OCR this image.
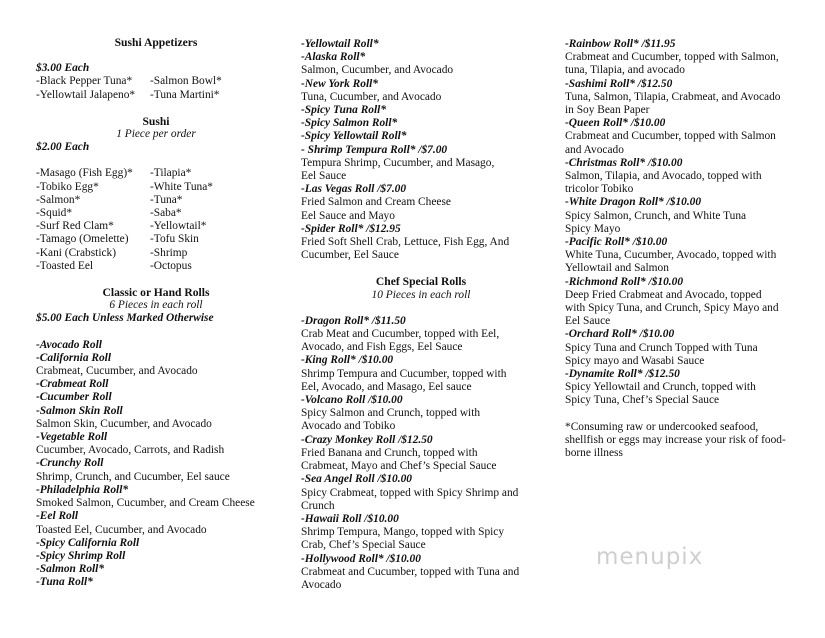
Sushi Appetizers
$3.00 Each
-Black Pepper Tuna*	-Salmon Bowl*
-Yellowtail Jalapeno*	-Tuna Martini*
Sushi
1 Piece per order
$2.00 Each
-Masago (Fish Egg)*	-Tilapia*
-Tobiko Egg*	-White Tuna*
-Salmon*	-Tuna*
-Squid*	-Saba*
-Surf Red Clam*	-Yellowtail*
-Tamago (Omelette)	-Tofu Skin
-Kani (Crabstick)	-Shrimp
-Toasted Eel	-Octopus
Classic or Hand Rolls
6 Pieces in each roll
$5.00 Each Unless Marked Otherwise
-Avocado Roll
-California Roll
Crabmeat, Cucumber, and Avocado
-Crabmeat Roll
-Cucumber Roll
-Salmon Skin Roll
Salmon Skin, Cucumber, and Avocado
-Vegetable Roll
Cucumber, Avocado, Carrots, and Radish
-Crunchy Roll
Shrimp, Crunch, and Cucumber, Eel sauce
-Philadelphia Roll*
Smoked Salmon, Cucumber, and Cream Cheese
-Eel Roll
Toasted Eel, Cucumber, and Avocado
-Spicy California Roll
-Spicy Shrimp Roll
-Salmon Roll*
-Tuna Roll*
-Yellowtail Roll*
-Alaska Roll*
Salmon, Cucumber, and Avocado
-New York Roll*
Tuna, Cucumber, and Avocado
-Spicy Tuna Roll*
-Spicy Salmon Roll*
-Spicy Yellowtail Roll*
- Shrimp Tempura Roll* /$7.00
Tempura Shrimp, Cucumber, and Masago,
Eel Sauce
-Las Vegas Roll /$7.00
Fried Salmon and Cream Cheese
Eel Sauce and Mayo
-Spider Roll* /$12.95
Fried Soft Shell Crab, Lettuce, Fish Egg, And
Cucumber, Eel Sauce
Chef Special Rolls
10 Pieces in each roll
-Dragon Roll* /$11.50
Crab Meat and Cucumber, topped with Eel,
Avocado, and Fish Eggs, Eel Sauce
-King Roll* /$10.00
Shrimp Tempura and Cucumber, topped with
Eel, Avocado, and Masago, Eel sauce
-Volcano Roll /$10.00
Spicy Salmon and Crunch, topped with
Avocado and Tobiko
-Crazy Monkey Roll /$12.50
Fried Banana and Crunch, topped with
Crabmeat, Mayo and Chef’s Special Sauce
-Sea Angel Roll /$10.00
Spicy Crabmeat, topped with Spicy Shrimp and
Crunch
-Hawaii Roll /$10.00
Shrimp Tempura, Mango, topped with Spicy
Crab, Chef’s Special Sauce
-Hollywood Roll* /$10.00
Crabmeat and Cucumber, topped with Tuna and
Avocado
-Rainbow Roll* /$11.95
Crabmeat and Cucumber, topped with Salmon,
tuna, Tilapia, and avocado
-Sashimi Roll* /$12.50
Tuna, Salmon, Tilapia, Crabmeat, and Avocado
in Soy Bean Paper
-Queen Roll* /$10.00
Crabmeat and Cucumber, topped with Salmon
and Avocado
-Christmas Roll* /$10.00
Salmon, Tilapia, and Avocado, topped with
tricolor Tobiko
-White Dragon Roll* /$10.00
Spicy Salmon, Crunch, and White Tuna
Spicy Mayo
-Pacific Roll* /$10.00
White Tuna, Cucumber, Avocado, topped with
Yellowtail and Salmon
-Richmond Roll* /$10.00
Deep Fried Crabmeat and Avocado, topped
with Spicy Tuna, and Crunch, Spicy Mayo and
Eel Sauce
-Orchard Roll* /$10.00
Spicy Tuna and Crunch Topped with Tuna
Spicy mayo and Wasabi Sauce
-Dynamite Roll* /$12.50
Spicy Yellowtail and Crunch, topped with
Spicy Tuna, Chef’s Special Sauce
*Consuming raw or undercooked seafood,
shellfish or eggs may increase your risk of food-
borne illness
menupix
